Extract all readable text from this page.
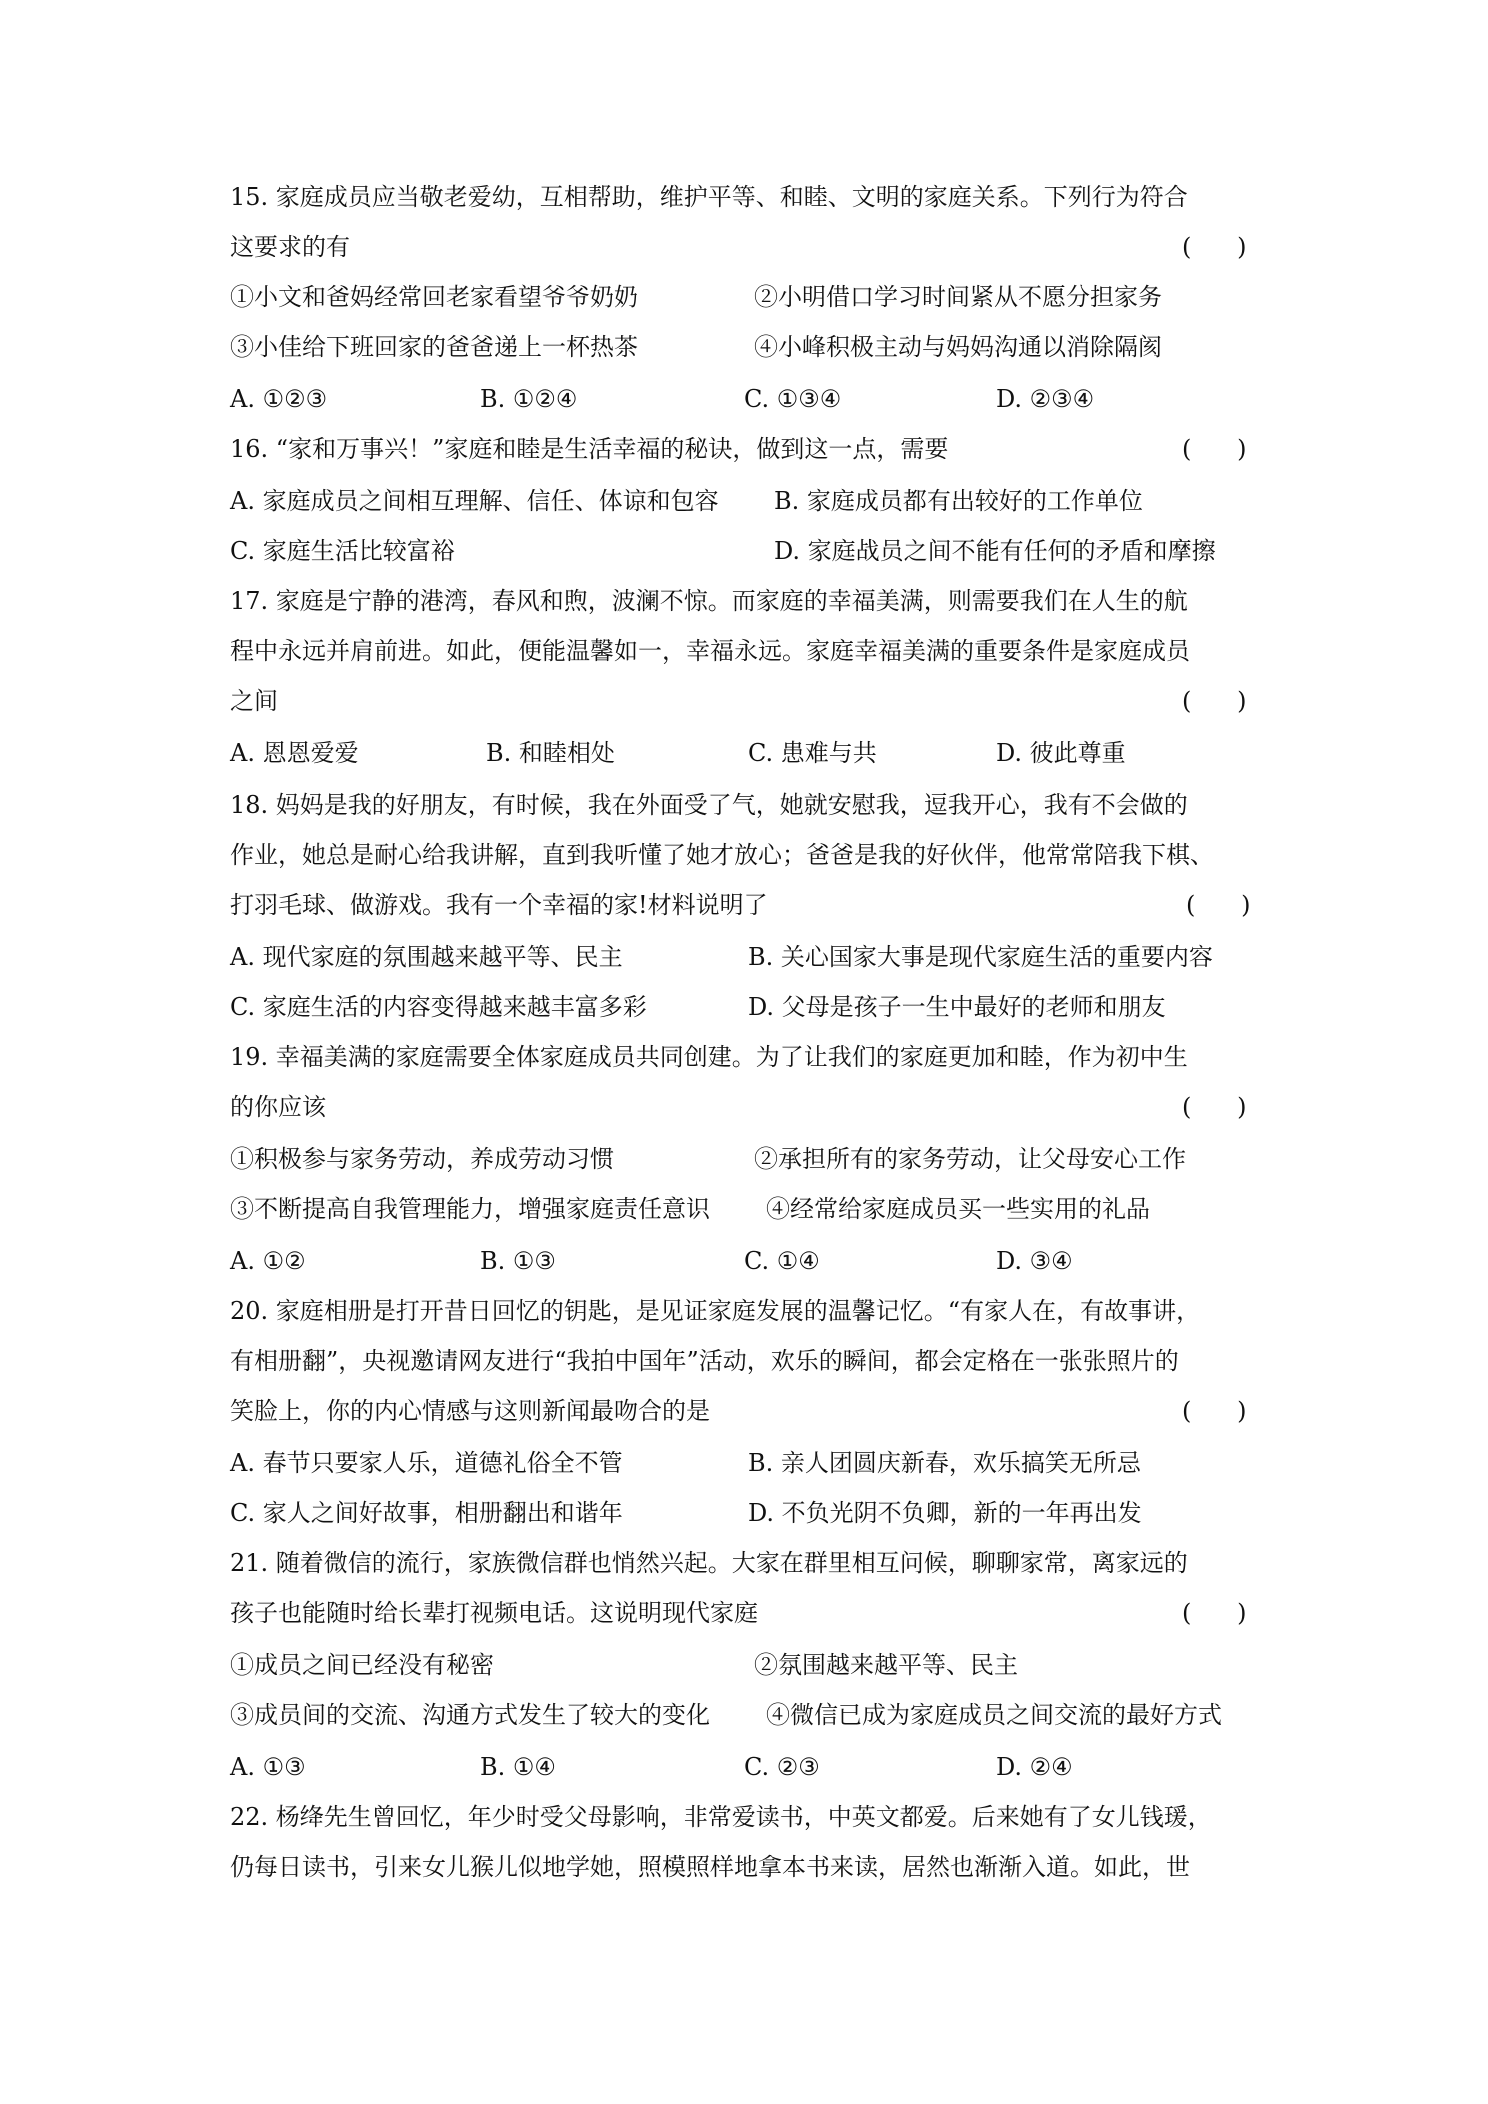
15. 家庭成员应当敬老爱幼，互相帮助，维护平等、和睦、文明的家庭关系。下列行为符合
这要求的有	(      )
①小文和爸妈经常回老家看望爷爷奶奶	②小明借口学习时间紧从不愿分担家务
③小佳给下班回家的爸爸递上一杯热茶	④小峰积极主动与妈妈沟通以消除隔阂
A. ①②③	B. ①②④	C. ①③④	D. ②③④
16. “家和万事兴！”家庭和睦是生活幸福的秘诀，做到这一点，需要	(      )
A. 家庭成员之间相互理解、信任、体谅和包容 B. 家庭成员都有出较好的工作单位
C. 家庭生活比较富裕	D. 家庭战员之间不能有任何的矛盾和摩擦
17. 家庭是宁静的港湾，春风和煦，波澜不惊。而家庭的幸福美满，则需要我们在人生的航
程中永远并肩前进。如此，便能温馨如一，幸福永远。家庭幸福美满的重要条件是家庭成员
之间	(      )
A. 恩恩爱爱	B. 和睦相处	C. 患难与共	D. 彼此尊重
18. 妈妈是我的好朋友，有时候，我在外面受了气，她就安慰我，逗我开心，我有不会做的
作业，她总是耐心给我讲解，直到我听懂了她才放心；爸爸是我的好伙伴，他常常陪我下棋、
打羽毛球、做游戏。我有一个幸福的家!材料说明了	(      )
A. 现代家庭的氛围越来越平等、民主	B. 关心国家大事是现代家庭生活的重要内容
C. 家庭生活的内容变得越来越丰富多彩	D. 父母是孩子一生中最好的老师和朋友
19. 幸福美满的家庭需要全体家庭成员共同创建。为了让我们的家庭更加和睦，作为初中生
的你应该	(      )
①积极参与家务劳动，养成劳动习惯	②承担所有的家务劳动，让父母安心工作
③不断提高自我管理能力，增强家庭责任意识 ④经常给家庭成员买一些实用的礼品
A. ①②	B. ①③	C. ①④	D. ③④
20. 家庭相册是打开昔日回忆的钥匙，是见证家庭发展的温馨记忆。“有家人在，有故事讲，
有相册翻”，央视邀请网友进行“我拍中国年”活动，欢乐的瞬间，都会定格在一张张照片的
笑脸上，你的内心情感与这则新闻最吻合的是	(      )
A. 春节只要家人乐，道德礼俗全不管	B. 亲人团圆庆新春，欢乐搞笑无所忌
C. 家人之间好故事，相册翻出和谐年	D. 不负光阴不负卿，新的一年再出发
21. 随着微信的流行，家族微信群也悄然兴起。大家在群里相互问候，聊聊家常，离家远的
孩子也能随时给长辈打视频电话。这说明现代家庭	(      )
①成员之间已经没有秘密	②氛围越来越平等、民主
③成员间的交流、沟通方式发生了较大的变化 ④微信已成为家庭成员之间交流的最好方式
A. ①③	B. ①④	C. ②③	D. ②④
22. 杨绛先生曾回忆，年少时受父母影响，非常爱读书，中英文都爱。后来她有了女儿钱瑗，
仍每日读书，引来女儿猴儿似地学她，照模照样地拿本书来读，居然也渐渐入道。如此，世
